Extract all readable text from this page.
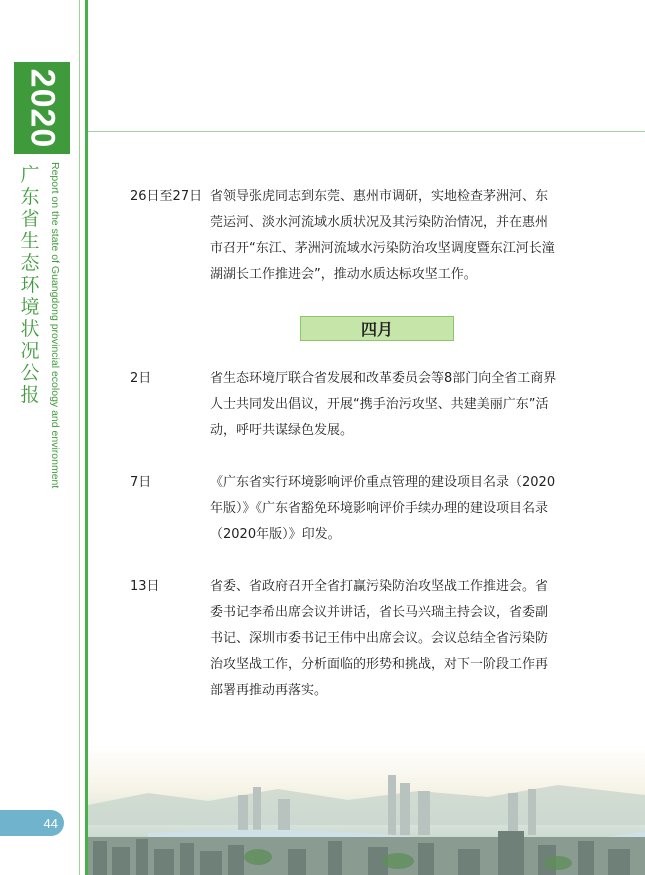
2020
广
东
省
生
态
环
境
状
况
公
报 Report on the state of Guangdong provincial ecology and environment	26日至27日 省领导张虎同志到东莞、惠州市调研，实地检查茅洲河、东莞运河、淡水河流域水质状况及其污染防治情况，并在惠州市召开“东江、茅洲河流域水污染防治攻坚调度暨东江河长潼湖湖长工作推进会”，推动水质达标攻坚工作。
四月
2日	省生态环境厅联合省发展和改革委员会等8部门向全省工商界人士共同发出倡议，开展“携手治污攻坚、共建美丽广东”活动，呼吁共谋绿色发展。
7日	《广东省实行环境影响评价重点管理的建设项目名录（2020年版）》《广东省豁免环境影响评价手续办理的建设项目名录（2020年版）》印发。
13日	省委、省政府召开全省打赢污染防治攻坚战工作推进会。省委书记李希出席会议并讲话，省长马兴瑞主持会议，省委副书记、深圳市委书记王伟中出席会议。会议总结全省污染防治攻坚战工作，分析面临的形势和挑战，对下一阶段工作再部署再推动再落实。
44
